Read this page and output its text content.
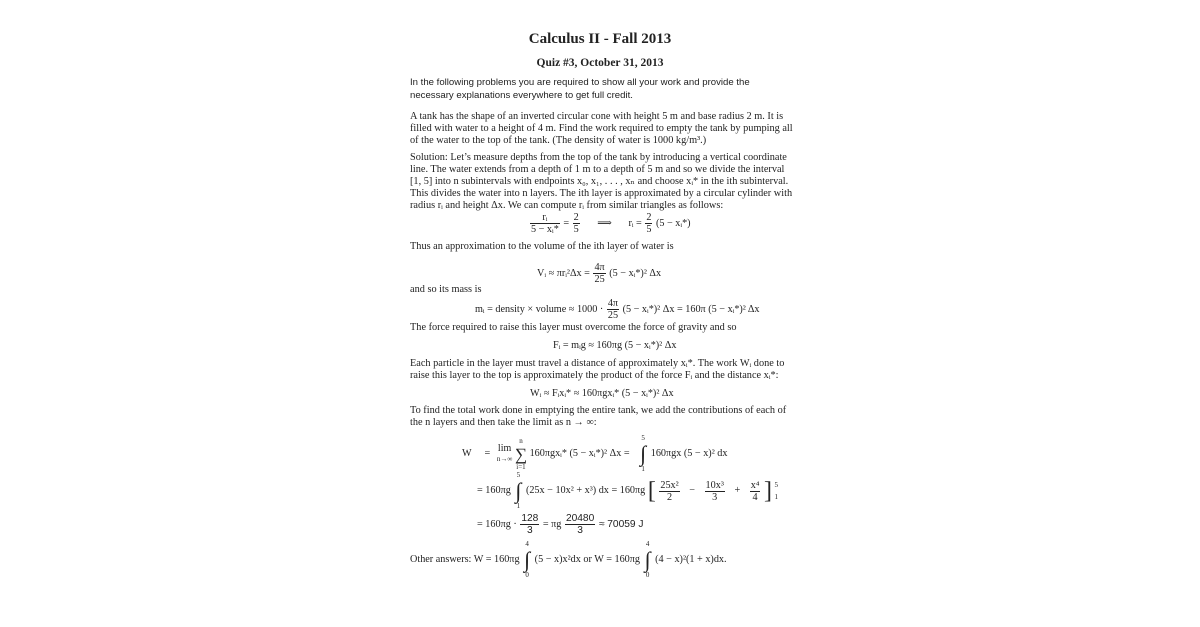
Calculus II - Fall 2013
Quiz #3, October 31, 2013
In the following problems you are required to show all your work and provide the necessary explanations everywhere to get full credit.
A tank has the shape of an inverted circular cone with height 5 m and base radius 2 m. It is filled with water to a height of 4 m. Find the work required to empty the tank by pumping all of the water to the top of the tank. (The density of water is 1000 kg/m³.)
Solution: Let’s measure depths from the top of the tank by introducing a vertical coordinate line. The water extends from a depth of 1 m to a depth of 5 m and so we divide the interval [1, 5] into n subintervals with endpoints x₀, x₁, . . . , xₙ and choose xᵢ* in the ith subinterval. This divides the water into n layers. The ith layer is approximated by a circular cylinder with radius rᵢ and height Δx. We can compute rᵢ from similar triangles as follows:
$\frac{\text{rᵢ}}{\text{5 − xᵢ*}} = \frac{2}{5}$ ⟹ rᵢ = $\frac{2}{5} (5$ − xᵢ*)
Thus an approximation to the volume of the ith layer of water is
Vᵢ ≈ πrᵢ²Δx = $\frac{4\pi}{25} (5$ − xᵢ*)² Δx
and so its mass is
mᵢ = density × volume ≈ $1000 \cdot \frac{4\pi}{25} (5$ − xᵢ*)² Δx = 160π (5 − xᵢ*)² Δx
The force required to raise this layer must overcome the force of gravity and so
Fᵢ = mᵢg ≈ 160πg (5 − xᵢ*)² Δx
Each particle in the layer must travel a distance of approximately xᵢ*. The work Wᵢ done to raise this layer to the top is approximately the product of the force Fᵢ and the distance xᵢ*:
Wᵢ ≈ Fᵢxᵢ* ≈ 160πgxᵢ* (5 − xᵢ*)² Δx
To find the total work done in emptying the entire tank, we add the contributions of each of the n layers and then take the limit as n → ∞:
W = lim
n→∞

n
∑
i=1
160πgxᵢ* (5 − xᵢ*)² Δx =
5
∫
1
160πgx (5 − x)² dx
= 160πg
5
∫
1
(25x − 10x² + x³) dx = 160πg [ $\frac{\text{25x²}}{2} - \frac{\text{10x³}}{3} + \frac{\text{x⁴}}{4}$ ] 5
1
= $160\pi g \cdot \frac{128}{3} = \pi g \frac{20480}{3} \approx 70059$ J
Other answers: W = 160πg
4
∫
0
(5 − x)x²dx or W = 160πg
4
∫
0
(4 − x)²(1 + x)dx.
